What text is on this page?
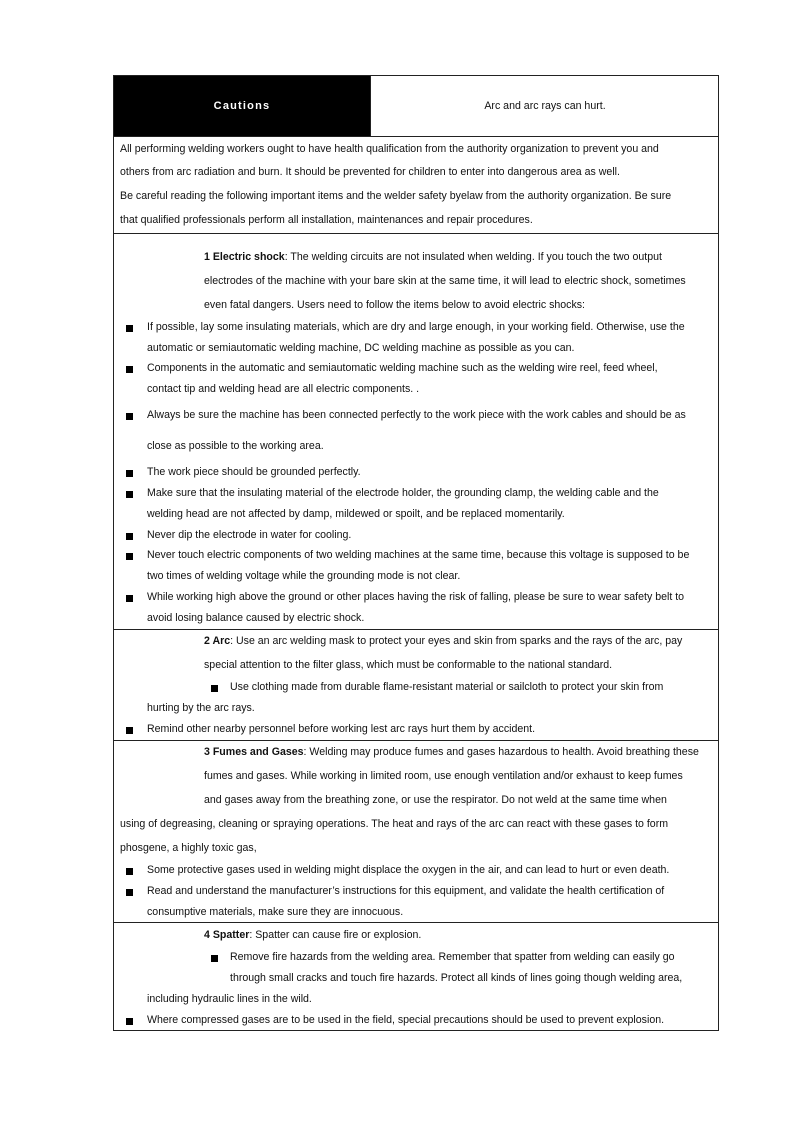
Cautions	Arc and arc rays can hurt.
All performing welding workers ought to have health qualification from the authority organization to prevent you and
others from arc radiation and burn. It should be prevented for children to enter into dangerous area as well.
Be careful reading the following important items and the welder safety byelaw from the authority organization. Be sure
that qualified professionals perform all installation, maintenances and repair procedures.
1 Electric shock: The welding circuits are not insulated when welding. If you touch the two output
electrodes of the machine with your bare skin at the same time, it will lead to electric shock, sometimes
even fatal dangers. Users need to follow the items below to avoid electric shocks:
If possible, lay some insulating materials, which are dry and large enough, in your working field. Otherwise, use the
automatic or semiautomatic welding machine, DC welding machine as possible as you can.
Components in the automatic and semiautomatic welding machine such as the welding wire reel, feed wheel,
contact tip and welding head are all electric components. .
Always be sure the machine has been connected perfectly to the work piece with the work cables and should be as
close as possible to the working area.
The work piece should be grounded perfectly.
Make sure that the insulating material of the electrode holder, the grounding clamp, the welding cable and the
welding head are not affected by damp, mildewed or spoilt, and be replaced momentarily.
Never dip the electrode in water for cooling.
Never touch electric components of two welding machines at the same time, because this voltage is supposed to be
two times of welding voltage while the grounding mode is not clear.
While working high above the ground or other places having the risk of falling, please be sure to wear safety belt to
avoid losing balance caused by electric shock.
2 Arc: Use an arc welding mask to protect your eyes and skin from sparks and the rays of the arc, pay
special attention to the filter glass, which must be conformable to the national standard.
Use clothing made from durable flame-resistant material or sailcloth to protect your skin from
hurting by the arc rays.
Remind other nearby personnel before working lest arc rays hurt them by accident.
3 Fumes and Gases: Welding may produce fumes and gases hazardous to health. Avoid breathing these
fumes and gases. While working in limited room, use enough ventilation and/or exhaust to keep fumes
and gases away from the breathing zone, or use the respirator. Do not weld at the same time when
using of degreasing, cleaning or spraying operations. The heat and rays of the arc can react with these gases to form
phosgene, a highly toxic gas,
Some protective gases used in welding might displace the oxygen in the air, and can lead to hurt or even death.
Read and understand the manufacturer’s instructions for this equipment, and validate the health certification of
consumptive materials, make sure they are innocuous.
4 Spatter: Spatter can cause fire or explosion.
Remove fire hazards from the welding area. Remember that spatter from welding can easily go
through small cracks and touch fire hazards. Protect all kinds of lines going though welding area,
including hydraulic lines in the wild.
Where compressed gases are to be used in the field, special precautions should be used to prevent explosion.
